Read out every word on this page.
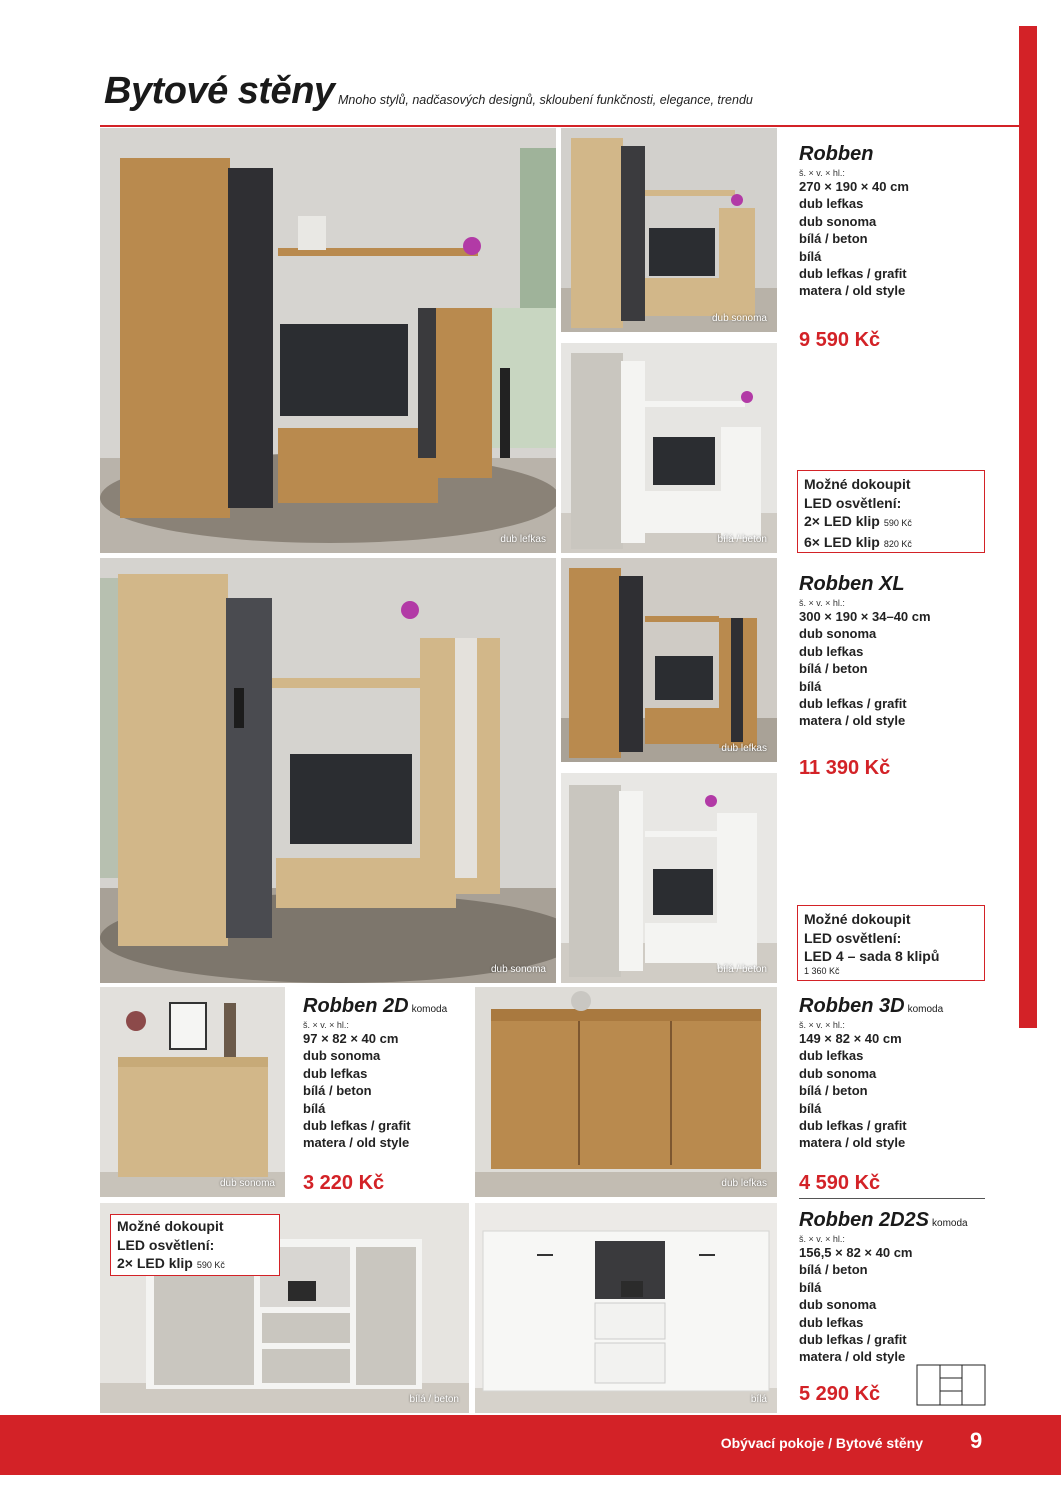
Bytové stěny Mnoho stylů, nadčasových designů, skloubení funkčnosti, elegance, trendu
dub lefkas
dub sonoma
bílá / beton
Robben
š. × v. × hl.:
270 × 190 × 40 cm
dub lefkas
dub sonoma
bílá / beton
bílá
dub lefkas / grafit
matera / old style
9 590 Kč
Možné dokoupit
LED osvětlení:
2× LED klip 590 Kč
6× LED klip 820 Kč
dub sonoma
dub lefkas
bílá / beton
Robben XL
š. × v. × hl.:
300 × 190 × 34–40 cm
dub sonoma
dub lefkas
bílá / beton
bílá
dub lefkas / grafit
matera / old style
11 390 Kč
Možné dokoupit
LED osvětlení:
LED 4 – sada 8 klipů
1 360 Kč
dub sonoma
Robben 2D komoda
š. × v. × hl.:
97 × 82 × 40 cm
dub sonoma
dub lefkas
bílá / beton
bílá
dub lefkas / grafit
matera / old style
3 220 Kč	dub lefkas
Robben 3D komoda
š. × v. × hl.:
149 × 82 × 40 cm
dub lefkas
dub sonoma
bílá / beton
bílá
dub lefkas / grafit
matera / old style
4 590 Kč
bílá / beton
Možné dokoupit
LED osvětlení:
2× LED klip 590 Kč
bílá
Robben 2D2S komoda
š. × v. × hl.:
156,5 × 82 × 40 cm
bílá / beton
bílá
dub sonoma
dub lefkas
dub lefkas / grafit
matera / old style
5 290 Kč
Obývací pokoje / Bytové stěny 9
